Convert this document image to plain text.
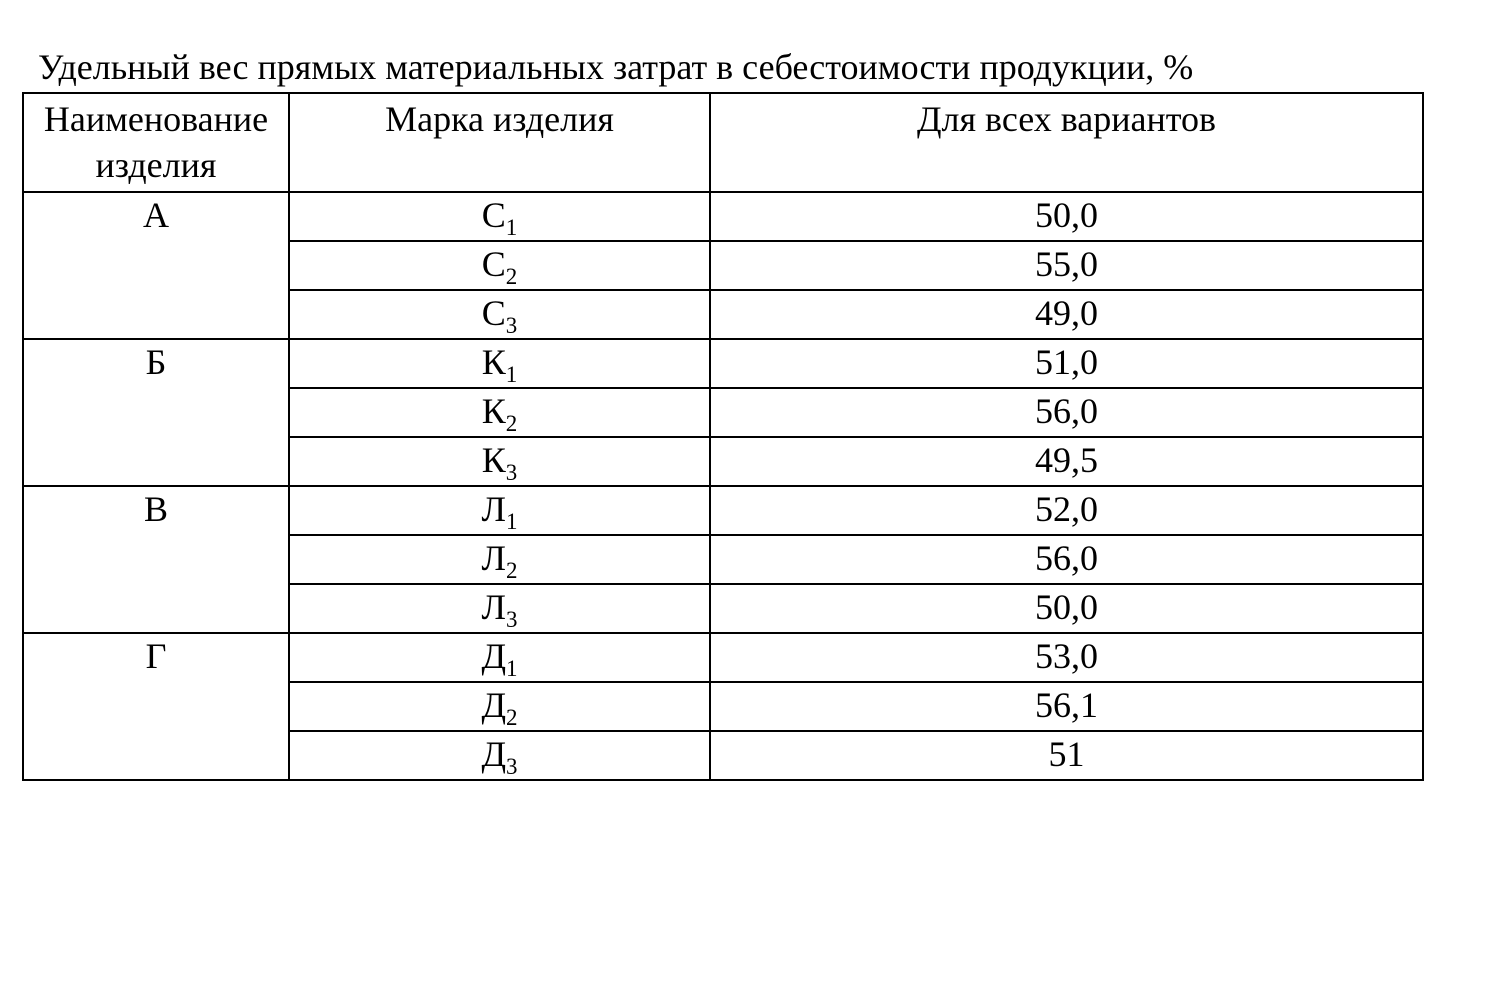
Удельный вес прямых материальных затрат в себестоимости продукции, %
Наименование изделия	Марка изделия	Для всех вариантов
А	$С_1$	50,0
	$С_2$	55,0
	$С_3$	49,0
Б	$К_1$	51,0
	$К_2$	56,0
	$К_3$	49,5
В	$Л_1$	52,0
	$Л_2$	56,0
	$Л_3$	50,0
Г	$Д_1$	53,0
	$Д_2$	56,1
	$Д_3$	51
